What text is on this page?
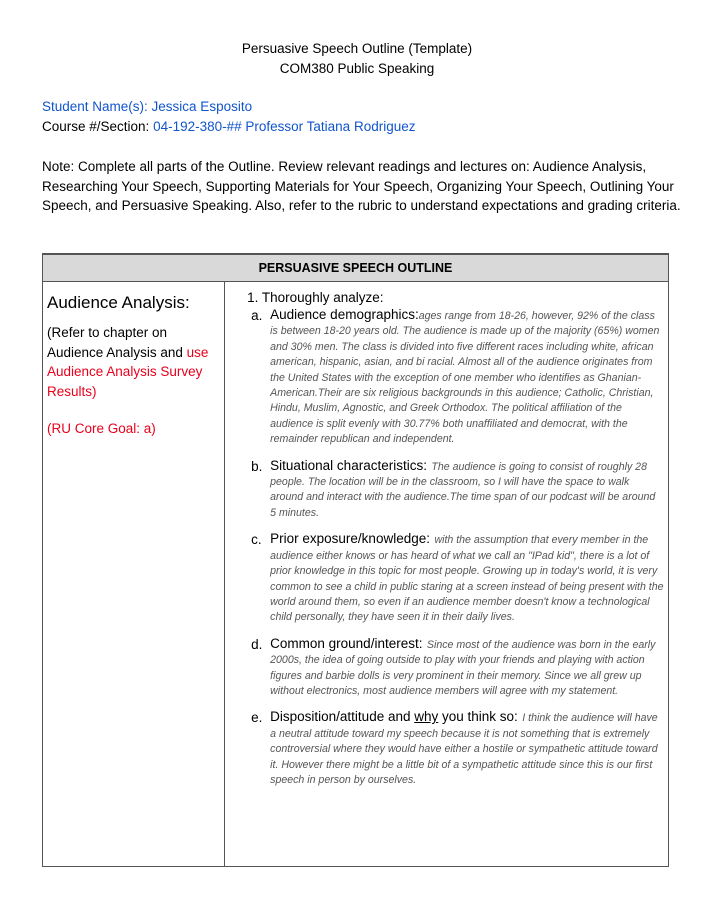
Persuasive Speech Outline (Template)
COM380 Public Speaking
Student Name(s): Jessica Esposito
Course #/Section: 04-192-380-## Professor Tatiana Rodriguez
Note: Complete all parts of the Outline. Review relevant readings and lectures on: Audience Analysis, Researching Your Speech, Supporting Materials for Your Speech, Organizing Your Speech, Outlining Your Speech, and Persuasive Speaking. Also, refer to the rubric to understand expectations and grading criteria.
PERSUASIVE SPEECH OUTLINE

Audience Analysis:
(Refer to chapter on Audience Analysis and use Audience Analysis Survey Results)
(RU Core Goal: a)

1. Thoroughly analyze:
a. Audience demographics:ages range from 18-26, however, 92% of the class is between 18-20 years old. The audience is made up of the majority (65%) women and 30% men. The class is divided into five different races including white, african american, hispanic, asian, and bi racial. Almost all of the audience originates from the United States with the exception of one member who identifies as Ghanian-American.Their are six religious backgrounds in this audience; Catholic, Christian, Hindu, Muslim, Agnostic, and Greek Orthodox. The political affiliation of the audience is split evenly with 30.77% both unaffiliated and democrat, with the remainder republican and independent.
b. Situational characteristics: The audience is going to consist of roughly 28 people. The location will be in the classroom, so I will have the space to walk around and interact with the audience.The time span of our podcast will be around 5 minutes.
c. Prior exposure/knowledge: with the assumption that every member in the audience either knows or has heard of what we call an "IPad kid", there is a lot of prior knowledge in this topic for most people. Growing up in today's world, it is very common to see a child in public staring at a screen instead of being present with the world around them, so even if an audience member doesn't know a technological child personally, they have seen it in their daily lives.
d. Common ground/interest: Since most of the audience was born in the early 2000s, the idea of going outside to play with your friends and playing with action figures and barbie dolls is very prominent in their memory. Since we all grew up without electronics, most audience members will agree with my statement.
e. Disposition/attitude and why you think so: I think the audience will have a neutral attitude toward my speech because it is not something that is extremely controversial where they would have either a hostile or sympathetic attitude toward it. However there might be a little bit of a sympathetic attitude since this is our first speech in person by ourselves.
